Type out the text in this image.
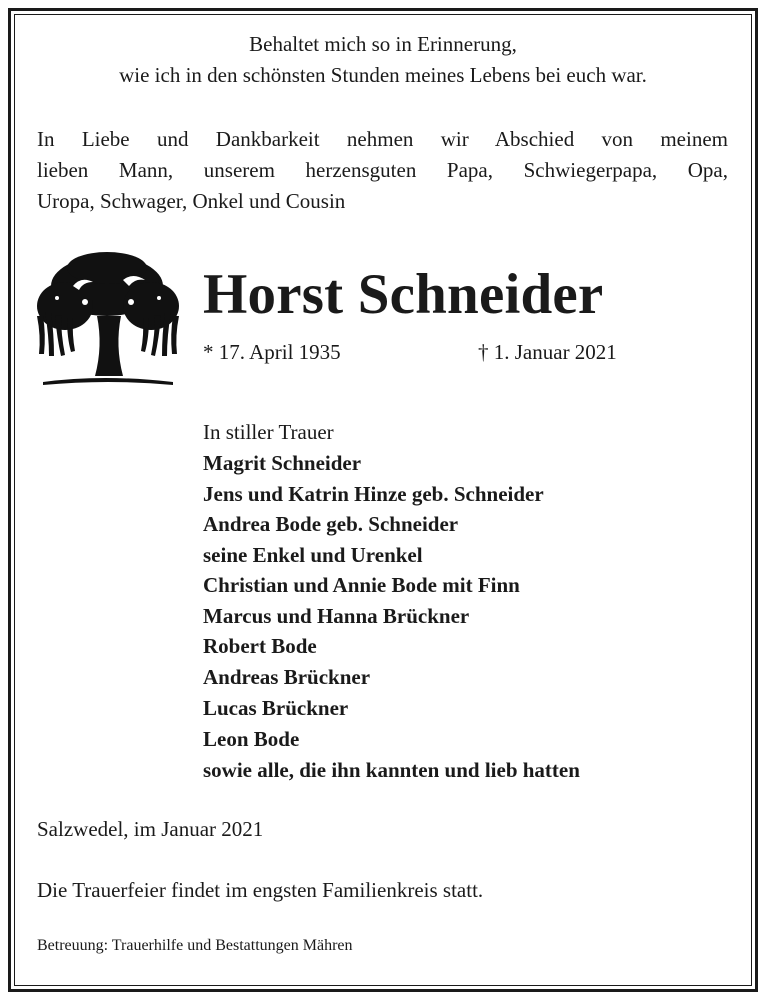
Behaltet mich so in Erinnerung,
wie ich in den schönsten Stunden meines Lebens bei euch war.
In Liebe und Dankbarkeit nehmen wir Abschied von meinem
lieben Mann, unserem herzensguten Papa, Schwiegerpapa, Opa,
Uropa, Schwager, Onkel und Cousin
Horst Schneider
* 17. April 1935	† 1. Januar 2021
In stiller Trauer
Magrit Schneider
Jens und Katrin Hinze geb. Schneider
Andrea Bode geb. Schneider
seine Enkel und Urenkel
Christian und Annie Bode mit Finn
Marcus und Hanna Brückner
Robert Bode
Andreas Brückner
Lucas Brückner
Leon Bode
sowie alle, die ihn kannten und lieb hatten
Salzwedel, im Januar 2021
Die Trauerfeier findet im engsten Familienkreis statt.
Betreuung: Trauerhilfe und Bestattungen Mähren
